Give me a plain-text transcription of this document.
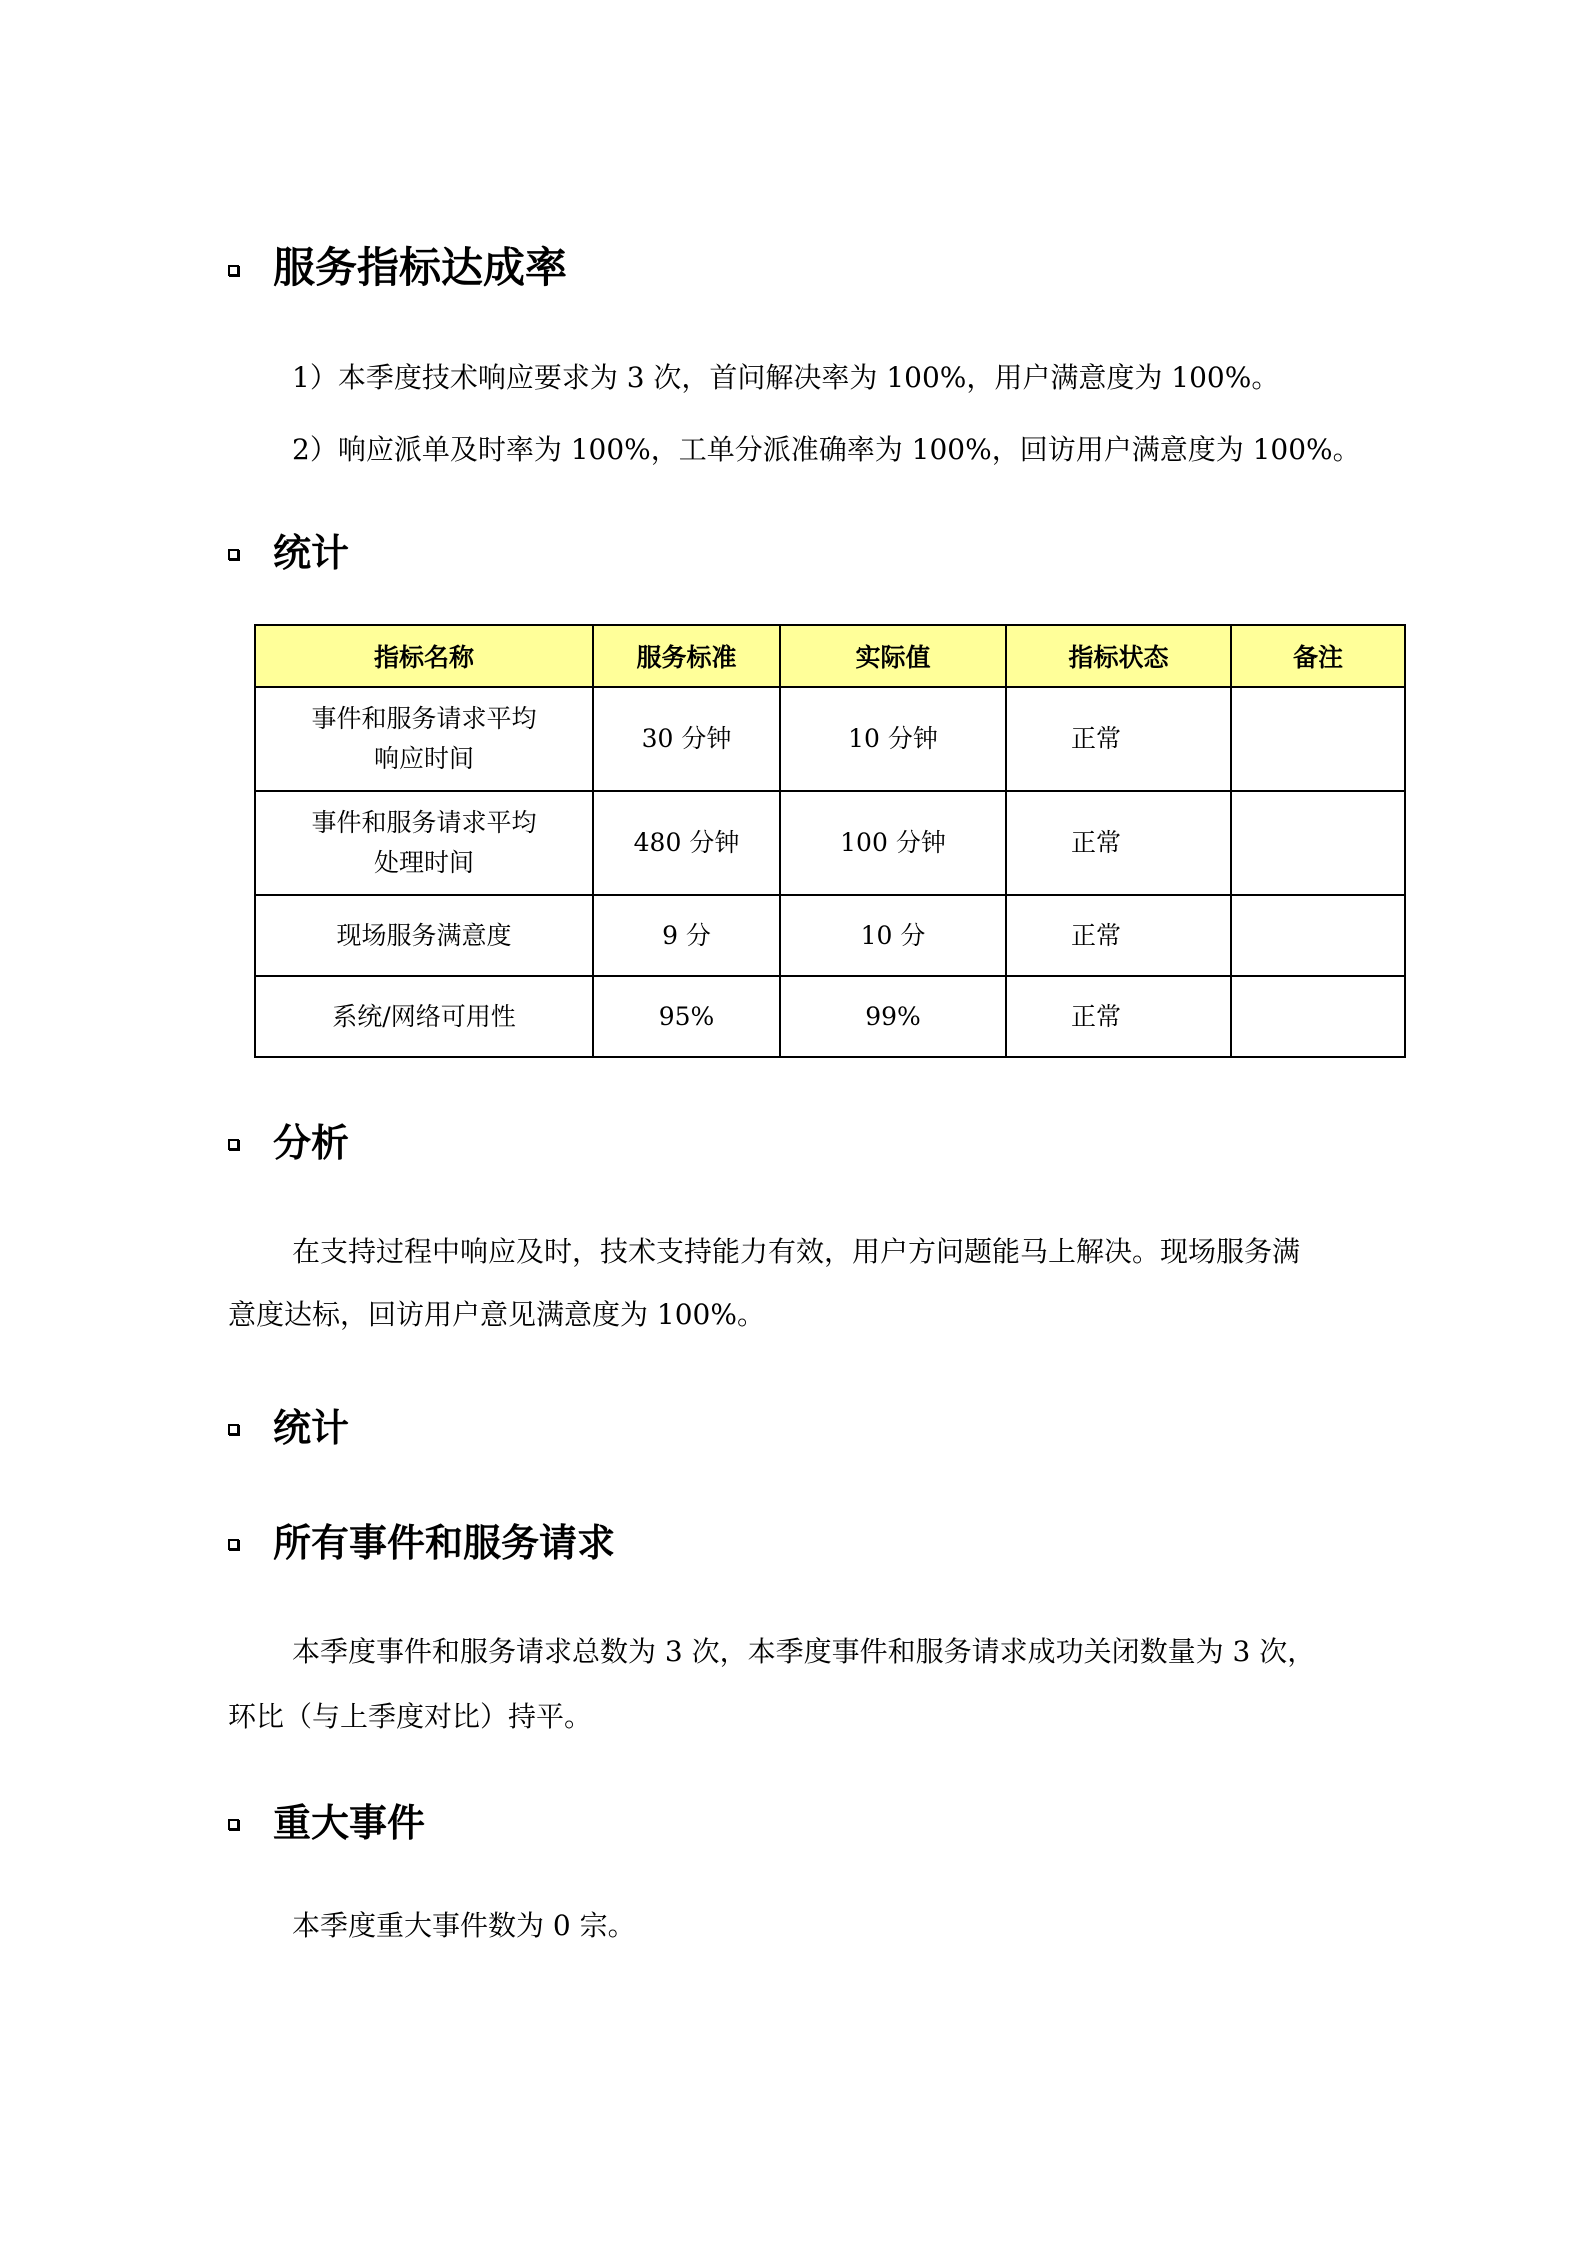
服务指标达成率
1）本季度技术响应要求为 3 次，首问解决率为 100%，用户满意度为 100%。
2）响应派单及时率为 100%，工单分派准确率为 100%，回访用户满意度为 100%。
统计
指标名称	服务标准	实际值	指标状态	备注

事件和服务请求平均
响应时间	30 分钟	10 分钟	正常	

事件和服务请求平均
处理时间	480 分钟	100 分钟	正常	

现场服务满意度	9 分	10 分	正常	

系统/网络可用性	95%	99%	正常	
分析
在支持过程中响应及时，技术支持能力有效，用户方问题能马上解决。现场服务满
意度达标，回访用户意见满意度为 100%。
统计
所有事件和服务请求
本季度事件和服务请求总数为 3 次，本季度事件和服务请求成功关闭数量为 3 次，
环比（与上季度对比）持平。
重大事件
本季度重大事件数为 0 宗。
